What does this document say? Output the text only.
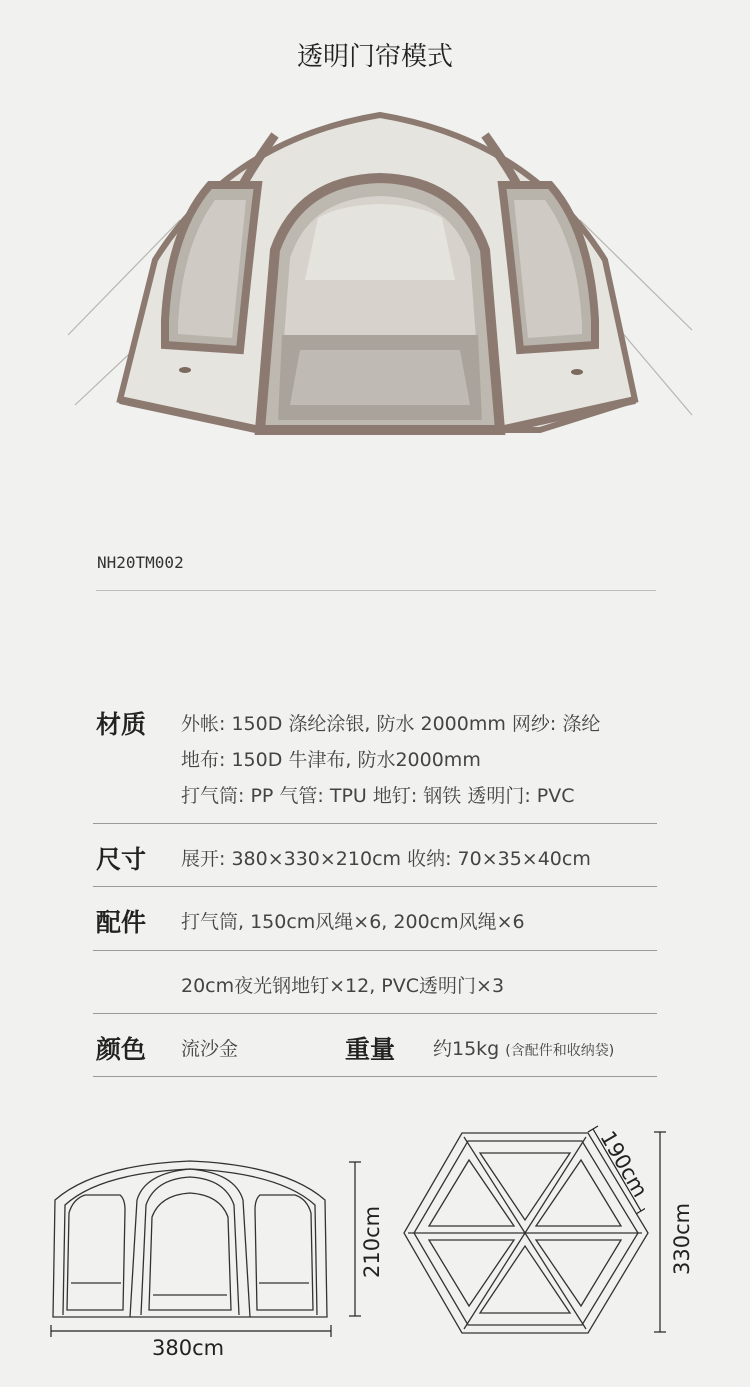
透明门帘模式
NH20TM002
材质 外帐: 150D 涤纶涂银, 防水 2000mm 网纱: 涤纶
地布: 150D 牛津布, 防水2000mm
打气筒: PP 气管: TPU 地钉: 钢铁 透明门: PVC
尺寸 展开: 380×330×210cm 收纳: 70×35×40cm
配件 打气筒, 150cm风绳×6, 200cm风绳×6
20cm夜光钢地钉×12, PVC透明门×3
颜色 流沙金	重量 约15kg (含配件和收纳袋)
380cm
210cm
190cm
330cm
